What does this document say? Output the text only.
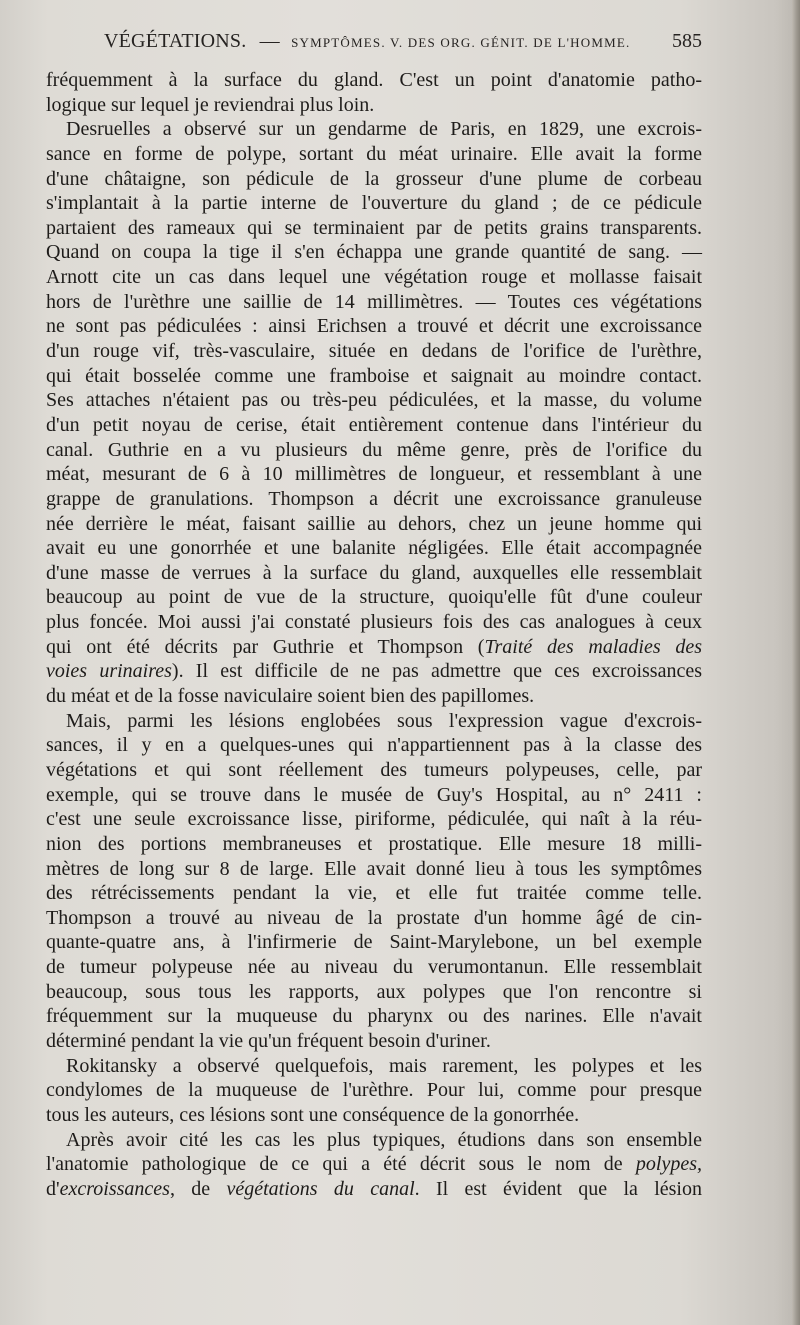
VÉGÉTATIONS. — SYMPTÔMES. V. DES ORG. GÉNIT. DE L'HOMME. 585

fréquemment à la surface du gland. C'est un point d'anatomie patho-
logique sur lequel je reviendrai plus loin.

Desruelles a observé sur un gendarme de Paris, en 1829, une excrois-
sance en forme de polype, sortant du méat urinaire. Elle avait la forme
d'une châtaigne, son pédicule de la grosseur d'une plume de corbeau
s'implantait à la partie interne de l'ouverture du gland ; de ce pédicule
partaient des rameaux qui se terminaient par de petits grains transparents.
Quand on coupa la tige il s'en échappa une grande quantité de sang. —
Arnott cite un cas dans lequel une végétation rouge et mollasse faisait
hors de l'urèthre une saillie de 14 millimètres. — Toutes ces végétations
ne sont pas pédiculées : ainsi Erichsen a trouvé et décrit une excroissance
d'un rouge vif, très-vasculaire, située en dedans de l'orifice de l'urèthre,
qui était bosselée comme une framboise et saignait au moindre contact.
Ses attaches n'étaient pas ou très-peu pédiculées, et la masse, du volume
d'un petit noyau de cerise, était entièrement contenue dans l'intérieur du
canal. Guthrie en a vu plusieurs du même genre, près de l'orifice du
méat, mesurant de 6 à 10 millimètres de longueur, et ressemblant à une
grappe de granulations. Thompson a décrit une excroissance granuleuse
née derrière le méat, faisant saillie au dehors, chez un jeune homme qui
avait eu une gonorrhée et une balanite négligées. Elle était accompagnée
d'une masse de verrues à la surface du gland, auxquelles elle ressemblait
beaucoup au point de vue de la structure, quoiqu'elle fût d'une couleur
plus foncée. Moi aussi j'ai constaté plusieurs fois des cas analogues à ceux
qui ont été décrits par Guthrie et Thompson (Traité des maladies des
voies urinaires). Il est difficile de ne pas admettre que ces excroissances
du méat et de la fosse naviculaire soient bien des papillomes.

Mais, parmi les lésions englobées sous l'expression vague d'excrois-
sances, il y en a quelques-unes qui n'appartiennent pas à la classe des
végétations et qui sont réellement des tumeurs polypeuses, celle, par
exemple, qui se trouve dans le musée de Guy's Hospital, au n° 2411 :
c'est une seule excroissance lisse, piriforme, pédiculée, qui naît à la réu-
nion des portions membraneuses et prostatique. Elle mesure 18 milli-
mètres de long sur 8 de large. Elle avait donné lieu à tous les symptômes
des rétrécissements pendant la vie, et elle fut traitée comme telle.
Thompson a trouvé au niveau de la prostate d'un homme âgé de cin-
quante-quatre ans, à l'infirmerie de Saint-Marylebone, un bel exemple
de tumeur polypeuse née au niveau du verumontanun. Elle ressemblait
beaucoup, sous tous les rapports, aux polypes que l'on rencontre si
fréquemment sur la muqueuse du pharynx ou des narines. Elle n'avait
déterminé pendant la vie qu'un fréquent besoin d'uriner.

Rokitansky a observé quelquefois, mais rarement, les polypes et les
condylomes de la muqueuse de l'urèthre. Pour lui, comme pour presque
tous les auteurs, ces lésions sont une conséquence de la gonorrhée.

Après avoir cité les cas les plus typiques, étudions dans son ensemble
l'anatomie pathologique de ce qui a été décrit sous le nom de polypes,
d'excroissances, de végétations du canal. Il est évident que la lésion
